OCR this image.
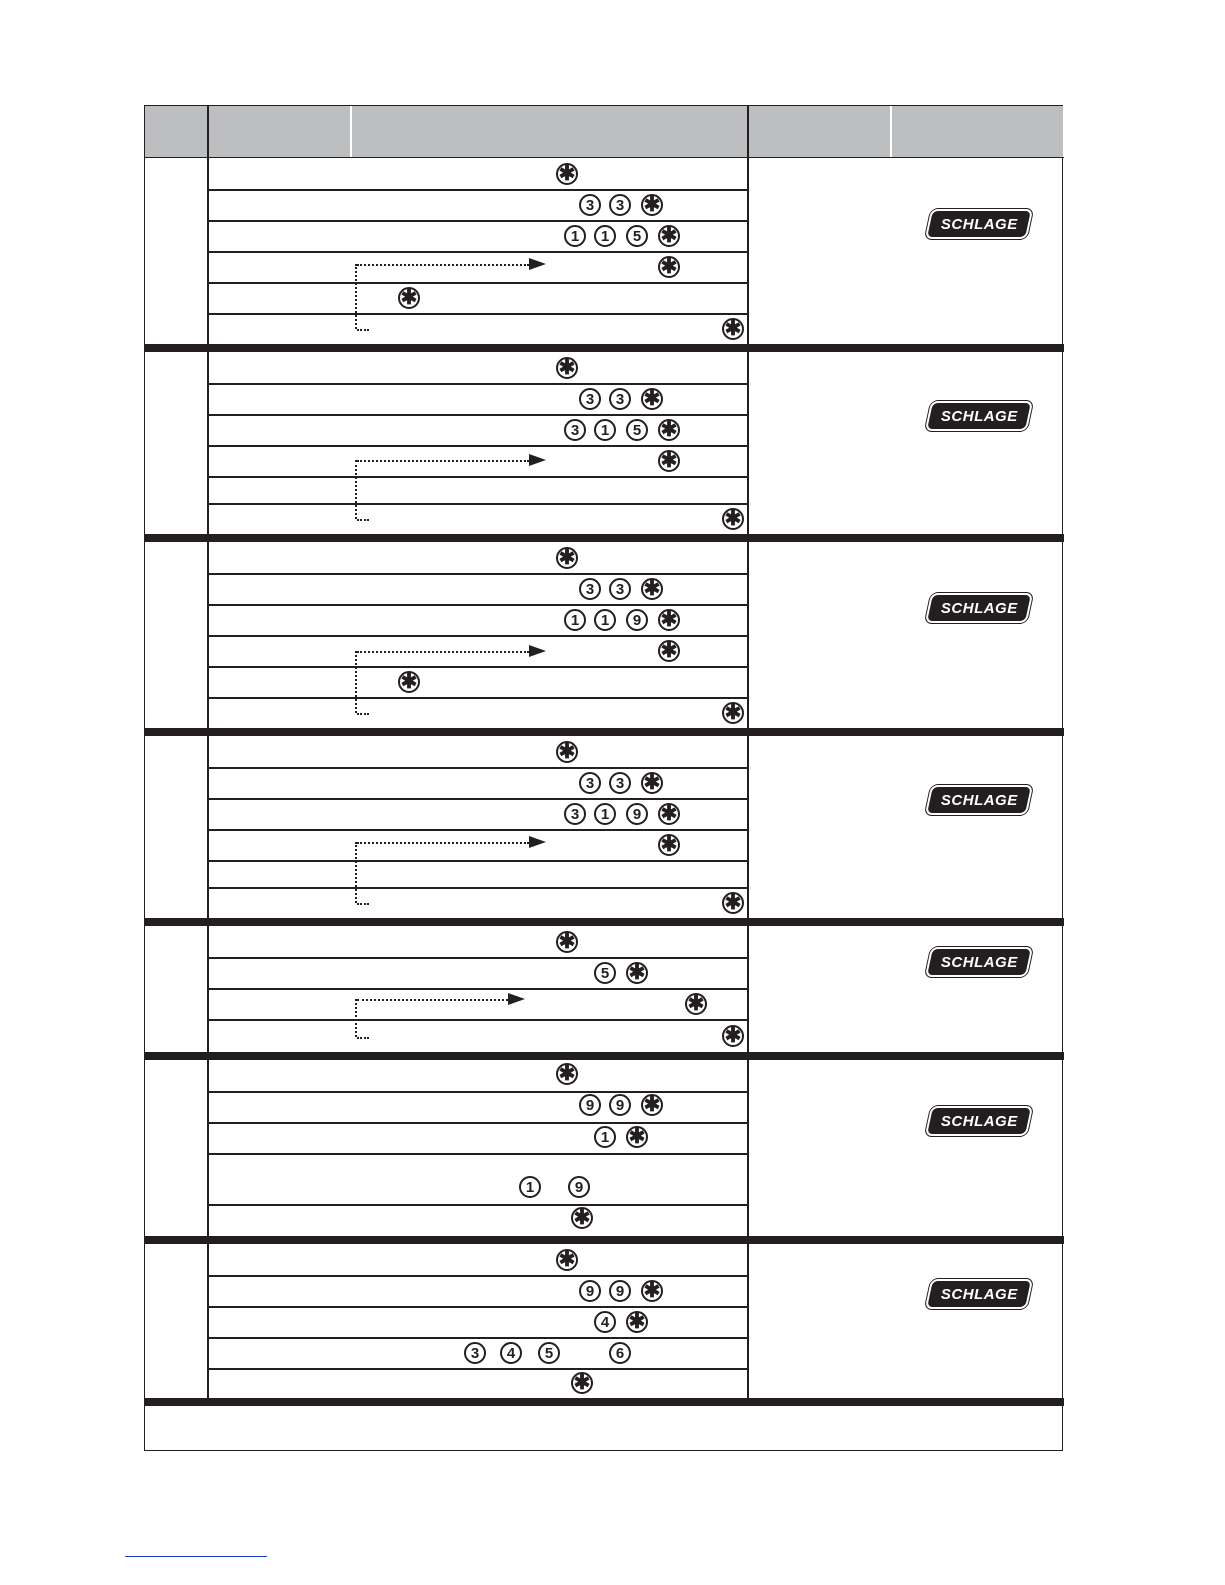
✱
3	3 ✱
1	1	5 ✱
✱
✱
✱
SCHLAGE
✱
3	3 ✱
3	1	5 ✱
✱
✱
SCHLAGE
✱
3	3 ✱
1	1	9 ✱
✱
✱
✱
SCHLAGE
✱
3	3 ✱
3	1	9 ✱
✱
✱
SCHLAGE
✱
5 ✱
✱
✱
SCHLAGE
✱
9	9 ✱
1 ✱
1	9
✱
SCHLAGE
✱
9	9 ✱
4 ✱
3	4	5	6
✱
SCHLAGE
